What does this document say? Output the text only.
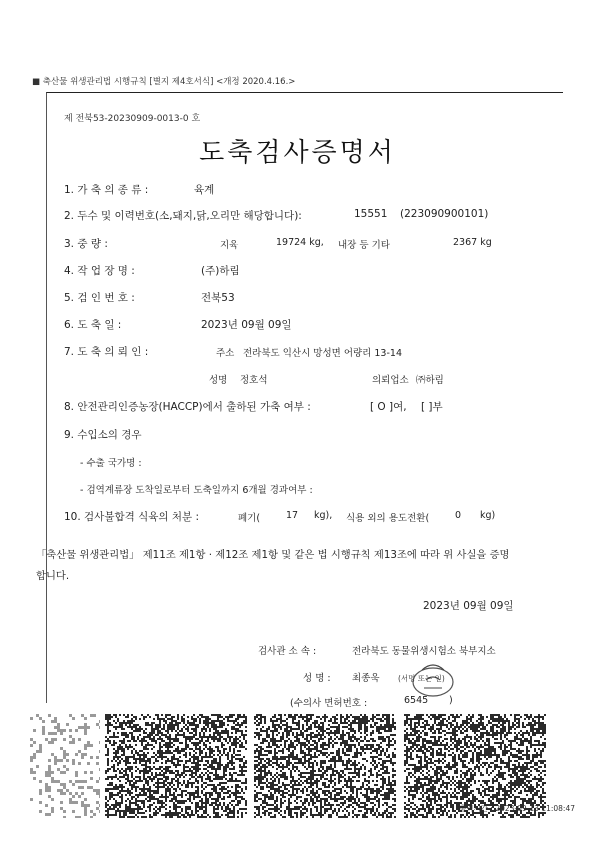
■ 축산물 위생관리법 시행규칙 [별지 제4호서식] <개정 2020.4.16.>
제 전북53-20230909-0013-0 호
도축검사증명서
1. 가 축 의 종 류 :	육계
2. 두수 및 이력번호(소,돼지,닭,오리만 해당합니다):	15551 (223090900101)
3. 중 량 :	지육	19724 kg, 내장 등 기타	2367 kg
4. 작 업 장 명 :	(주)하림
5. 검 인 번 호 :	전북53
6. 도 축 일 :	2023년 09월 09일
7. 도 축 의 뢰 인 :	주소 전라북도 익산시 망성면 어량리 13-14
성명 정호석	의뢰업소 ㈜하림
8. 안전관리인증농장(HACCP)에서 출하된 가축 여부 :	[ O ]여, [ ]부
9. 수입소의 경우
- 수출 국가명 :
- 검역계류장 도착일로부터 도축일까지 6개월 경과여부 :
10. 검사불합격 식육의 처분 :	폐기(	17 kg), 식용 외의 용도전환(	0 kg)
「축산물 위생관리법」 제11조 제1항 · 제12조 제1항 및 같은 법 시행규칙 제13조에 따라 위 사실을 증명
합니다.
2023년 09월 09일
검사관 소 속 :	전라북도 동물위생시험소 북부지소
성 명 : 최종욱 (서명 또는 인)
(수의사 면허번호 :	6545 )
출력시간 : 2023-09-13 11:08:47
